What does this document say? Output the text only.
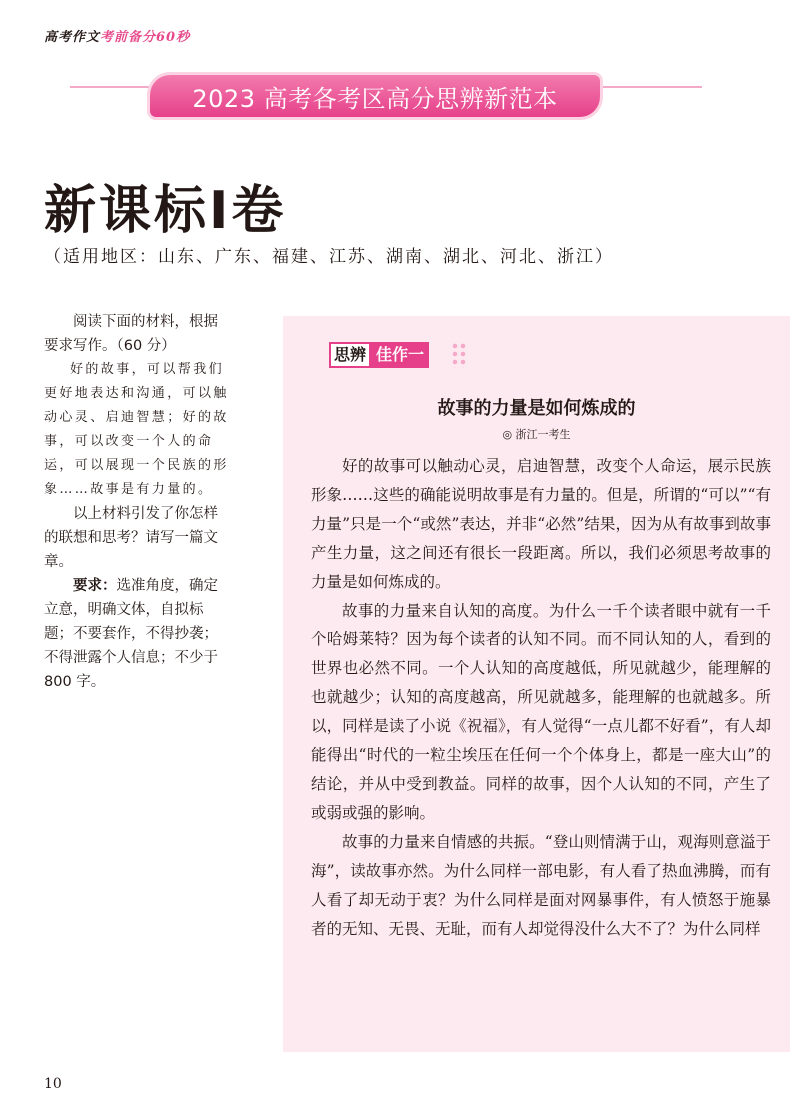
高考作文考前备分60秒
2023 高考各考区高分思辨新范本
新课标Ⅰ卷
（适用地区：山东、广东、福建、江苏、湖南、湖北、河北、浙江）

阅读下面的材料，根据要求写作。（60 分）

好的故事，可以帮我们更好地表达和沟通，可以触动心灵、启迪智慧；好的故事，可以改变一个人的命运，可以展现一个民族的形象……故事是有力量的。

以上材料引发了你怎样的联想和思考？请写一篇文章。

要求：选准角度，确定立意，明确文体，自拟标题；不要套作，不得抄袭；不得泄露个人信息；不少于 800 字。

思辨 佳作一
故事的力量是如何炼成的
◎ 浙江一考生

好的故事可以触动心灵，启迪智慧，改变个人命运，展示民族形象……这些的确能说明故事是有力量的。但是，所谓的“可以”“有力量”只是一个“或然”表达，并非“必然”结果，因为从有故事到故事产生力量，这之间还有很长一段距离。所以，我们必须思考故事的力量是如何炼成的。

故事的力量来自认知的高度。为什么一千个读者眼中就有一千个哈姆莱特？因为每个读者的认知不同。而不同认知的人，看到的世界也必然不同。一个人认知的高度越低，所见就越少，能理解的也就越少；认知的高度越高，所见就越多，能理解的也就越多。所以，同样是读了小说《祝福》，有人觉得“一点儿都不好看”，有人却能得出“时代的一粒尘埃压在任何一个个体身上，都是一座大山”的结论，并从中受到教益。同样的故事，因个人认知的不同，产生了或弱或强的影响。

故事的力量来自情感的共振。“登山则情满于山，观海则意溢于海”，读故事亦然。为什么同样一部电影，有人看了热血沸腾，而有人看了却无动于衷？为什么同样是面对网暴事件，有人愤怒于施暴者的无知、无畏、无耻，而有人却觉得没什么大不了？为什么同样

10
